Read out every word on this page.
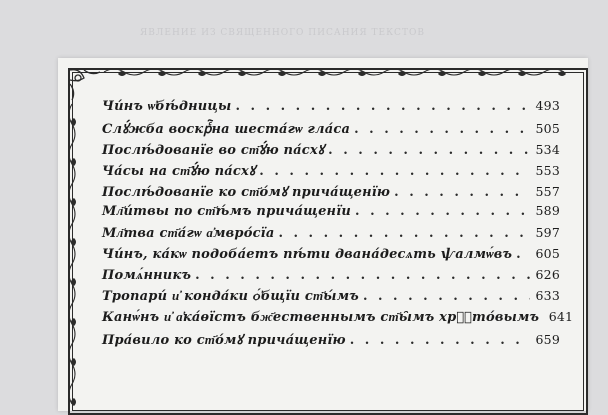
ЯВЛЕНИЕ ИЗ СВЯЩЕННОГО ПИСАНИЯ ТЕКСТОВ
Чи́нъ ѡ҆бѣ́дницы . . .	493
Слꙋ́жба воскрⷭ҇нa шеста́гѡ гла́са . . .	505
Послѣ́дованїе во ст҃ꙋ́ю па́схꙋ . . .	534
Ча́сы на ст҃ꙋ́ю па́схꙋ . . .	553
Послѣ́дованїе ко ст҃о́мꙋ прича́щенїю . . .	557
Мл҃и́твы по ст҃ѣ́мъ прича́щенїи . . .	589
Мл҃тва ст҃а́гѡ а҆мвро́сїа . . .	597
Чи́нъ, ка́кѡ подоба́етъ пѣ́ти двана́десѧть ѱалмѡ́въ . . . 605
Помѧ́нникъ . . .	626
Тропари́ и҆ конда́ки ѻ҆́бщїи ст҃ы́мъ . . .	633
Канѡ́нъ и҆ а҆ка́ѳїстъ бж҃ественнымъ ст҃ы̑мъ хрⷭ҇то́вымъ 641
Пра́вило ко ст҃о́мꙋ прича́щенїю . . .	659
